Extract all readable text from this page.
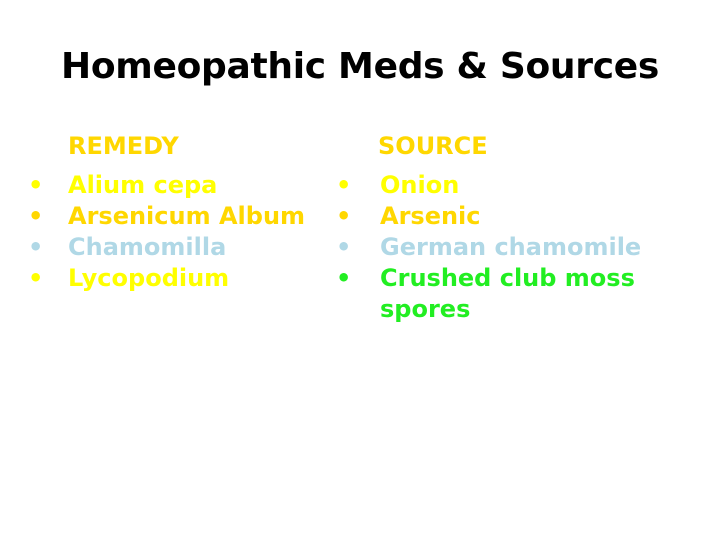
Homeopathic Meds & Sources
REMEDY
• Alium cepa
• Arsenicum Album
• Chamomilla
• Lycopodium
SOURCE
• Onion
• Arsenic
• German chamomile
• Crushed club moss spores
